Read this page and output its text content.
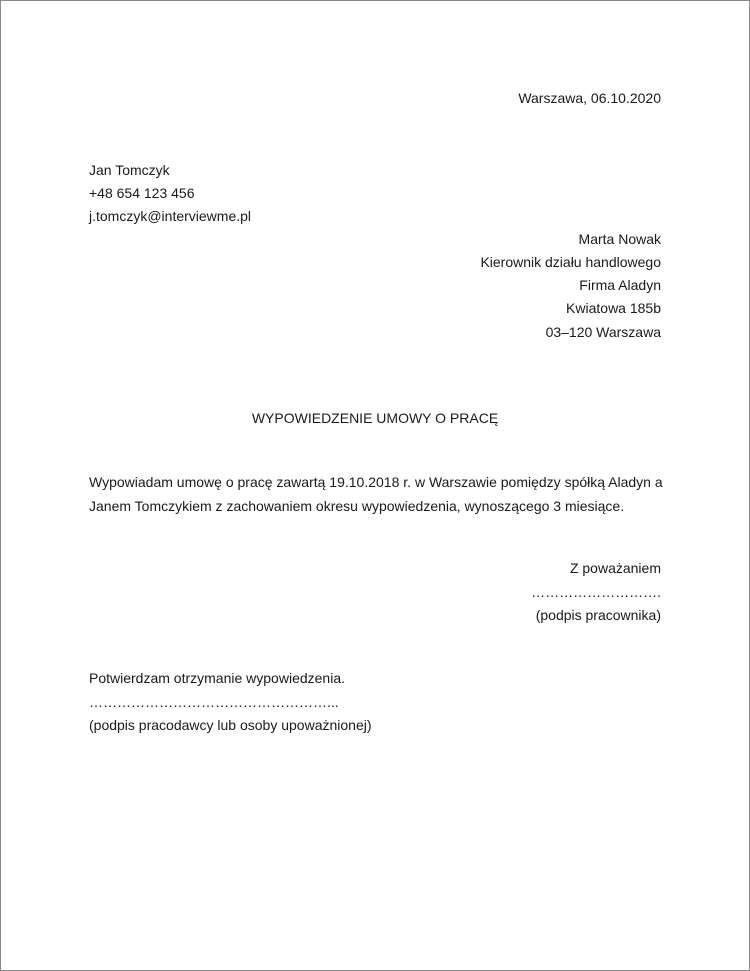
Warszawa, 06.10.2020
Jan Tomczyk
+48 654 123 456
j.tomczyk@interviewme.pl
Marta Nowak
Kierownik działu handlowego
Firma Aladyn
Kwiatowa 185b
03–120 Warszawa
WYPOWIEDZENIE UMOWY O PRACĘ
Wypowiadam umowę o pracę zawartą 19.10.2018 r. w Warszawie pomiędzy spółką Aladyn a
Janem Tomczykiem z zachowaniem okresu wypowiedzenia, wynoszącego 3 miesiące.
Z poważaniem
……………………….
(podpis pracownika)
Potwierdzam otrzymanie wypowiedzenia.
……………………………………………...
(podpis pracodawcy lub osoby upoważnionej)
